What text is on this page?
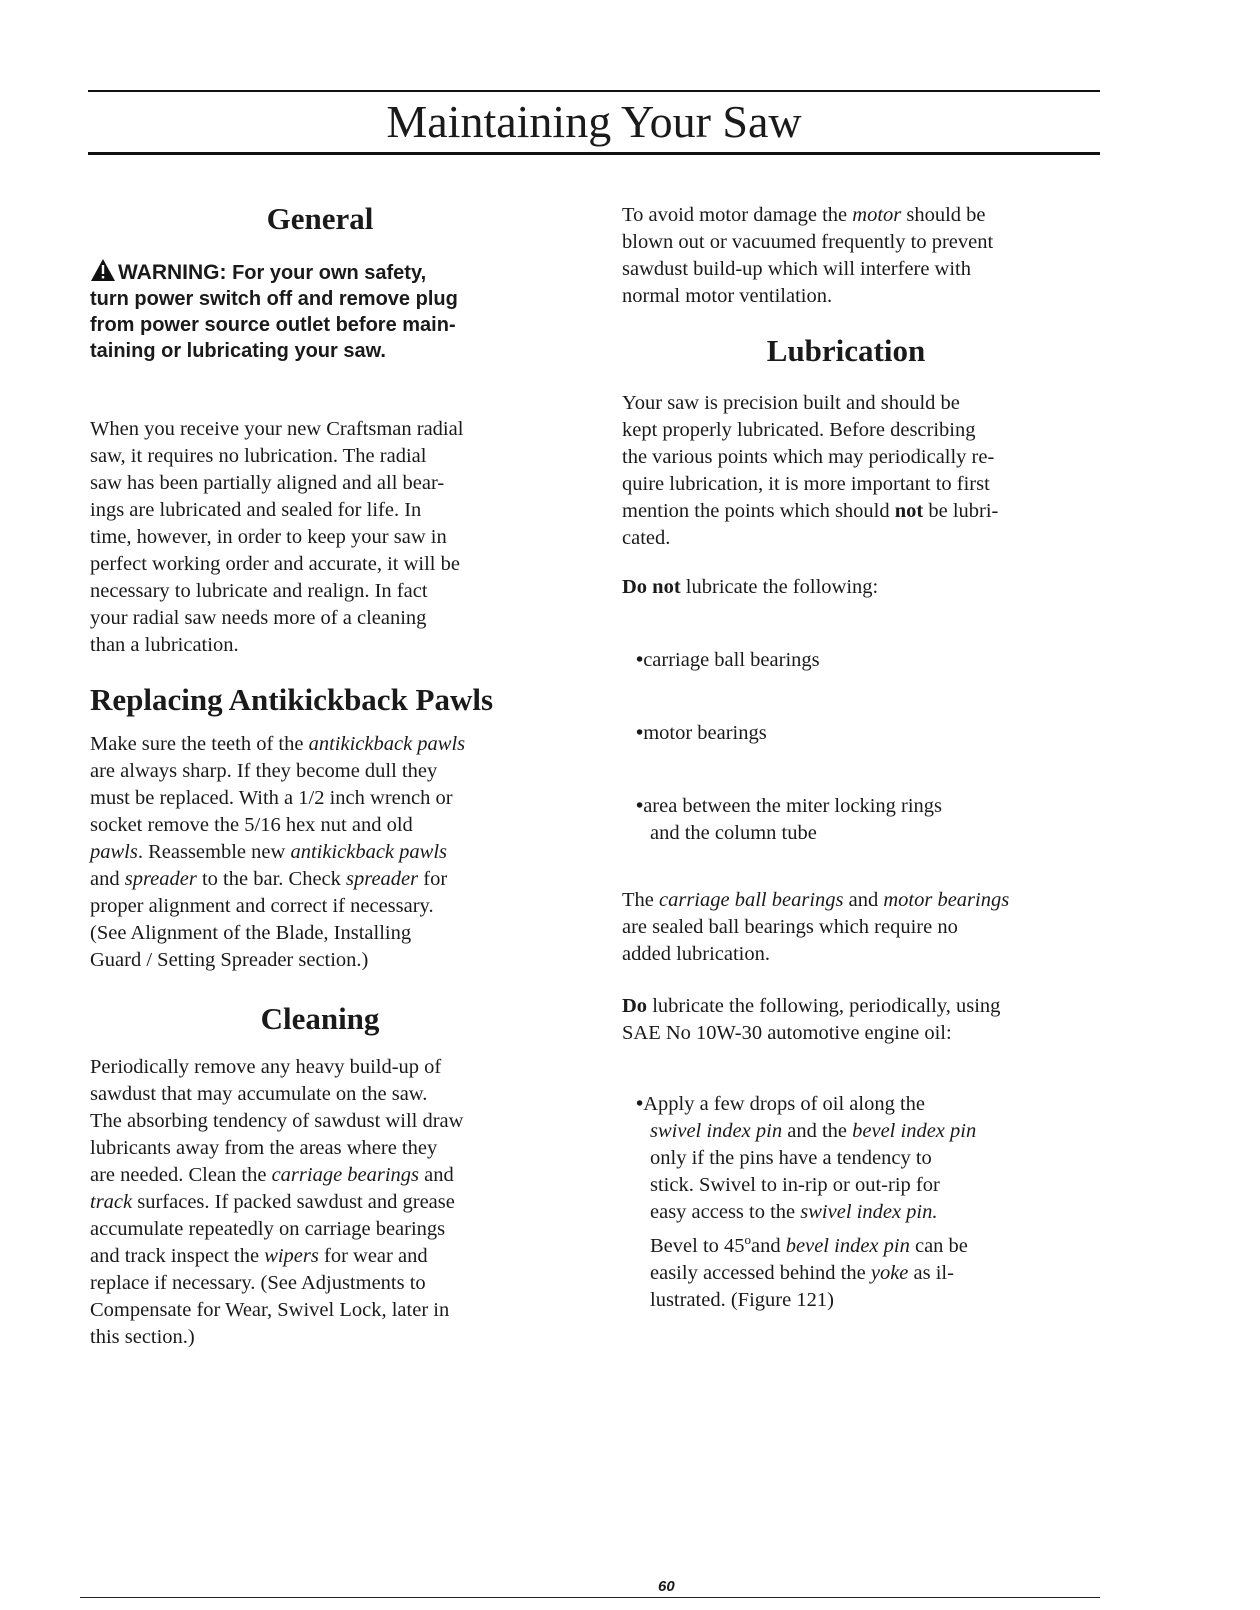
Maintaining Your Saw
General
WARNING: For your own safety,
turn power switch off and remove plug
from power source outlet before main-
taining or lubricating your saw.

When you receive your new Craftsman radial

saw, it requires no lubrication. The radial

saw has been partially aligned and all bear-

ings are lubricated and sealed for life. In

time, however, in order to keep your saw in

perfect working order and accurate, it will be

necessary to lubricate and realign. In fact

your radial saw needs more of a cleaning

than a lubrication.

Replacing Antikickback Pawls

Make sure the teeth of the antikickback pawls

are always sharp. If they become dull they

must be replaced. With a 1/2 inch wrench or

socket remove the 5/16 hex nut and old

pawls. Reassemble new antikickback pawls

and spreader to the bar. Check spreader for

proper alignment and correct if necessary.

(See Alignment of the Blade, Installing

Guard / Setting Spreader section.)

Cleaning

Periodically remove any heavy build-up of

sawdust that may accumulate on the saw.

The absorbing tendency of sawdust will draw

lubricants away from the areas where they

are needed. Clean the carriage bearings and

track surfaces. If packed sawdust and grease

accumulate repeatedly on carriage bearings

and track inspect the wipers for wear and

replace if necessary. (See Adjustments to

Compensate for Wear, Swivel Lock, later in

this section.)

To avoid motor damage the motor should be

blown out or vacuumed frequently to prevent

sawdust build-up which will interfere with

normal motor ventilation.

Lubrication

Your saw is precision built and should be

kept properly lubricated. Before describing

the various points which may periodically re-

quire lubrication, it is more important to first

mention the points which should not be lubri-

cated.

Do not lubricate the following:

•carriage ball bearings

•motor bearings

•area between the miter locking rings
and the column tube

The carriage ball bearings and motor bearings

are sealed ball bearings which require no

added lubrication.

Do lubricate the following, periodically, using

SAE No 10W-30 automotive engine oil:

•Apply a few drops of oil along the

swivel index pin and the bevel index pin

only if the pins have a tendency to

stick. Swivel to in-rip or out-rip for

easy access to the swivel index pin.

Bevel to 45$^o$and bevel index pin can be

easily accessed behind the yoke as il-

lustrated. (Figure 121)

60
